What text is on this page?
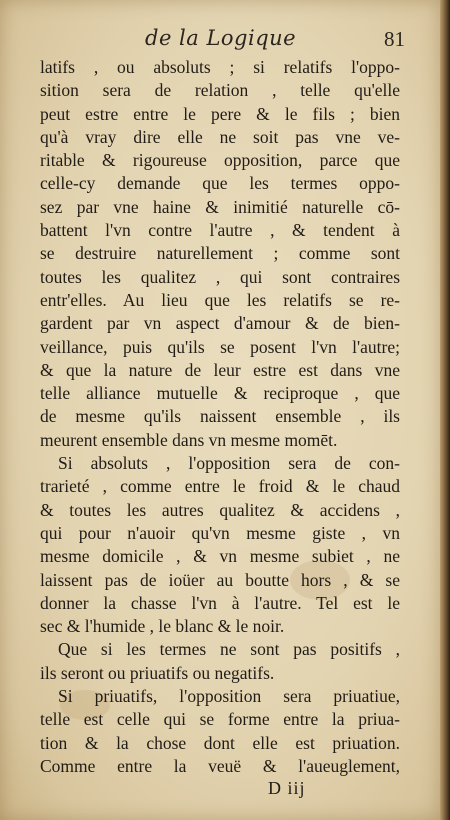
de la Logique	81
latifs , ou absoluts ; si relatifs l'oppo-
sition sera de relation , telle qu'elle
peut estre entre le pere & le fils ; bien
qu'à vray dire elle ne soit pas vne ve-
ritable & rigoureuse opposition, parce que
celle-cy demande que les termes oppo-
sez par vne haine & inimitié naturelle cō-
battent l'vn contre l'autre , & tendent à
se destruire naturellement ; comme sont
toutes les qualitez , qui sont contraires
entr'elles. Au lieu que les relatifs se re-
gardent par vn aspect d'amour & de bien-
veillance, puis qu'ils se posent l'vn l'autre;
& que la nature de leur estre est dans vne
telle alliance mutuelle & reciproque , que
de mesme qu'ils naissent ensemble , ils
meurent ensemble dans vn mesme momēt.
Si absoluts , l'opposition sera de con-
trarieté , comme entre le froid & le chaud
& toutes les autres qualitez & accidens ,
qui pour n'auoir qu'vn mesme giste , vn
mesme domicile , & vn mesme subiet , ne
laissent pas de ioüer au boutte hors , & se
donner la chasse l'vn à l'autre. Tel est le
sec & l'humide , le blanc & le noir.
Que si les termes ne sont pas positifs ,
ils seront ou priuatifs ou negatifs.
Si priuatifs, l'opposition sera priuatiue,
telle est celle qui se forme entre la priua-
tion & la chose dont elle est priuation.
Comme entre la veuë & l'aueuglement,
D iij
